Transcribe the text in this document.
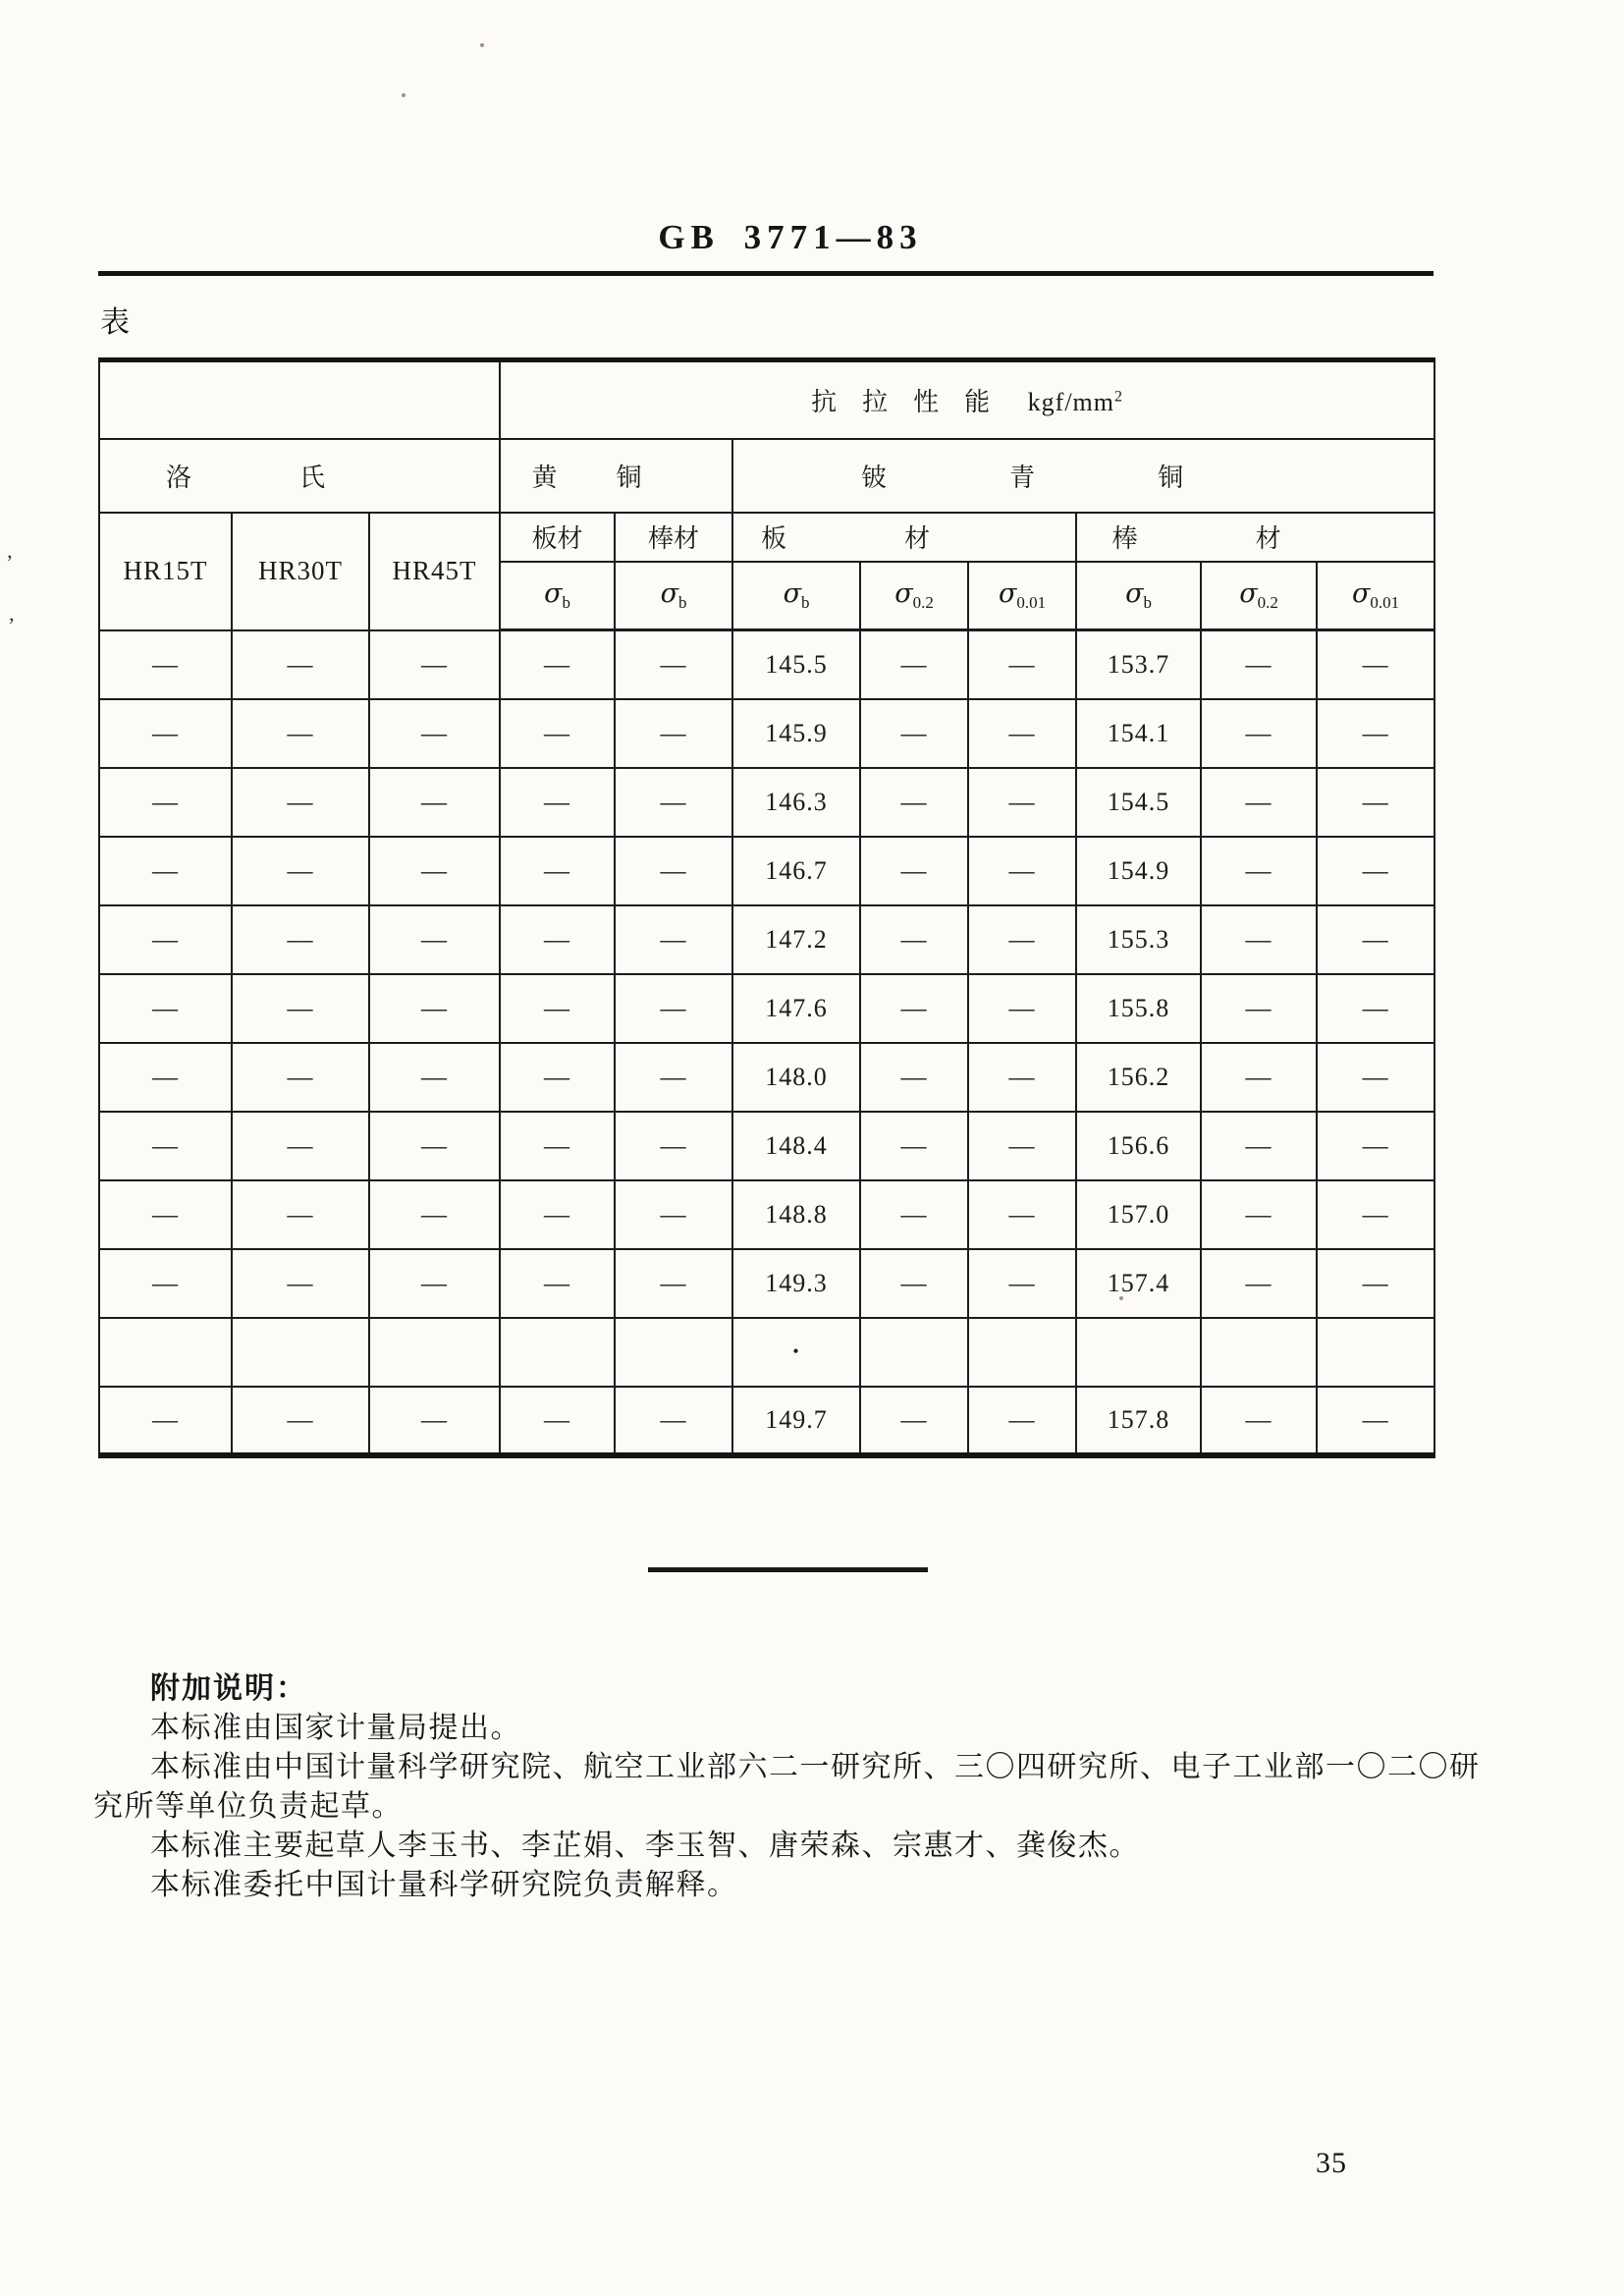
GB 3771—83
表
			抗拉性能 kgf/$mm^2$
洛氏			黄铜		铍青铜					
HR15T	HR30T	HR45T	板材	棒材	板材			棒材		
			$\sigma_b$	$\sigma_b$	$\sigma_b$	$\sigma_{0.2}$	$\sigma_{0.01}$	$\sigma_b$	$\sigma_{0.2}$	$\sigma_{0.01}$
—	—	—	—	—	145.5	—	—	153.7	—	—
—	—	—	—	—	145.9	—	—	154.1	—	—
—	—	—	—	—	146.3	—	—	154.5	—	—
—	—	—	—	—	146.7	—	—	154.9	—	—
—	—	—	—	—	147.2	—	—	155.3	—	—
—	—	—	—	—	147.6	—	—	155.8	—	—
—	—	—	—	—	148.0	—	—	156.2	—	—
—	—	—	—	—	148.4	—	—	156.6	—	—
—	—	—	—	—	148.8	—	—	157.0	—	—
—	—	—	—	—	149.3	—	—	157.4	—	—
					•					
—	—	—	—	—	149.7	—	—	157.8	—	—
附加说明：
本标准由国家计量局提出。
本标准由中国计量科学研究院、航空工业部六二一研究所、三〇四研究所、电子工业部一〇二〇研
究所等单位负责起草。
本标准主要起草人李玉书、李芷娟、李玉智、唐荣森、宗惠才、龚俊杰。
本标准委托中国计量科学研究院负责解释。
35
’
’
